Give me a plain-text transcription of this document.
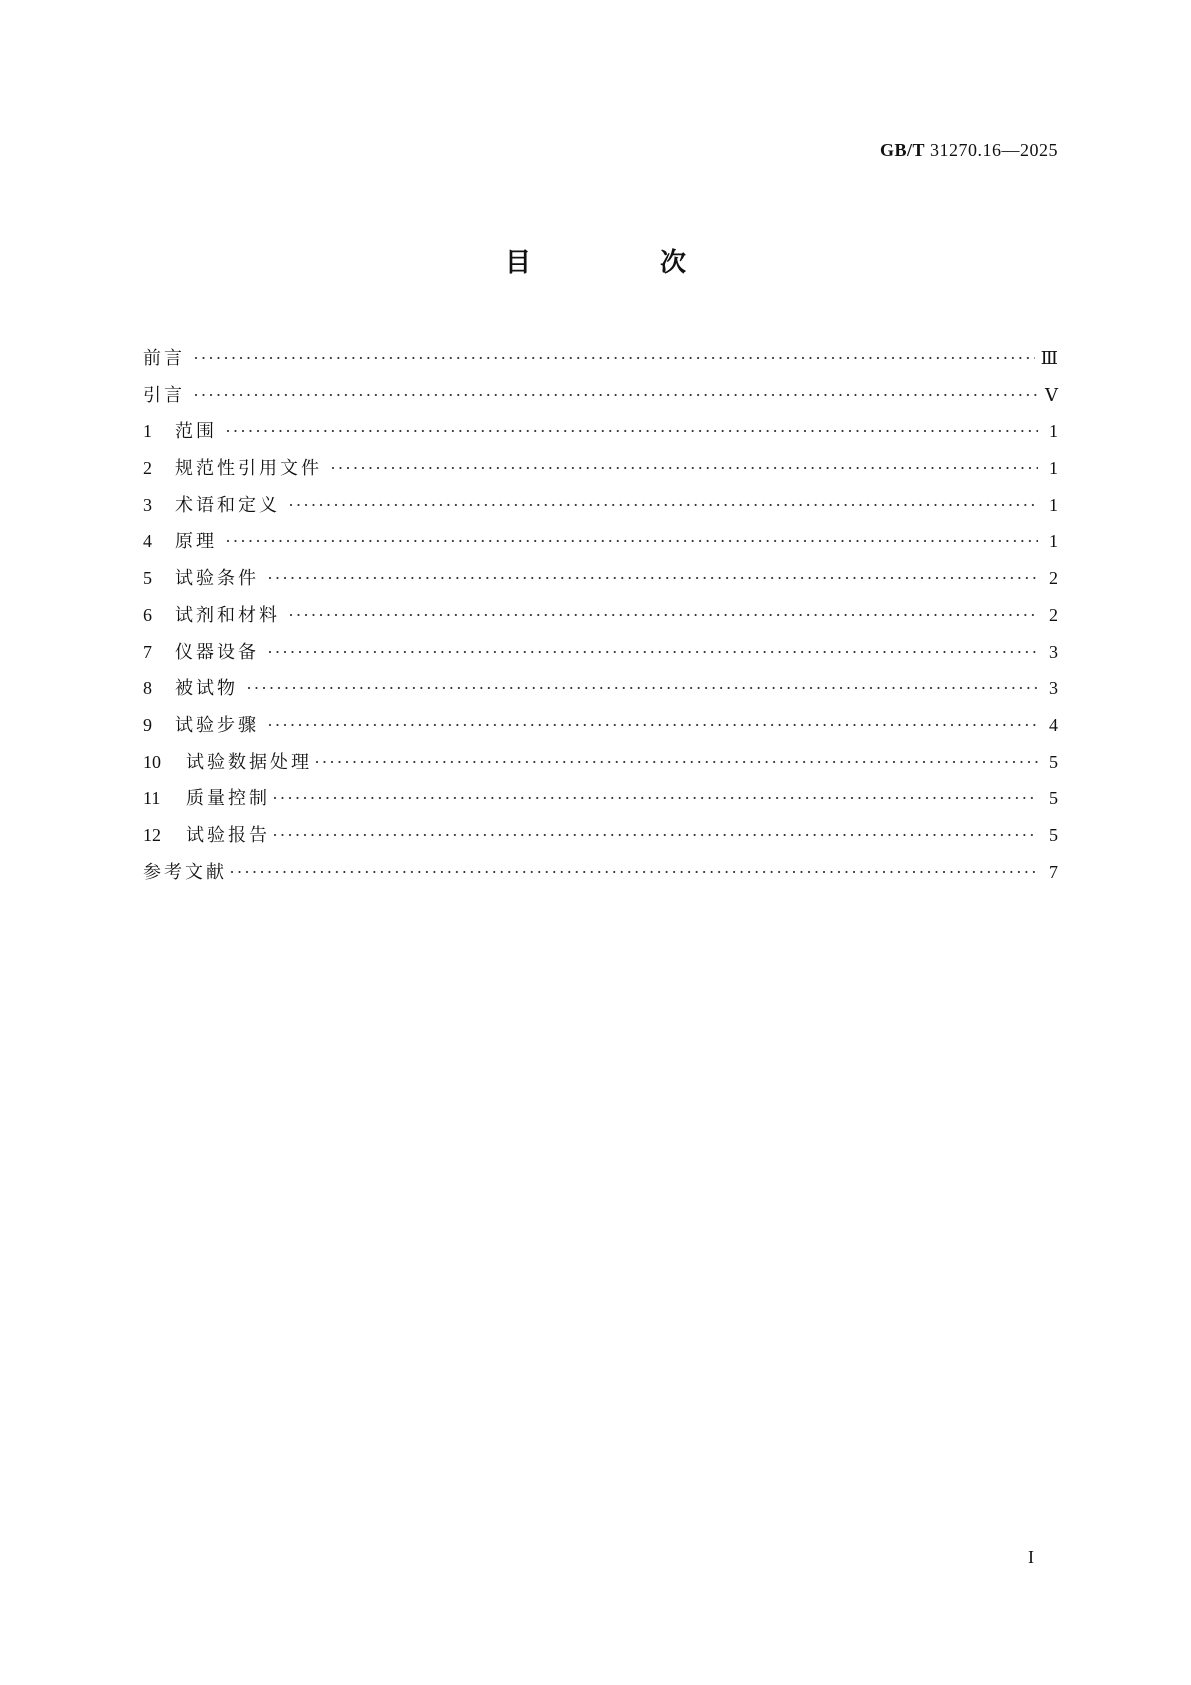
GB/T 31270.16—2025
目 次
前言 ·····	Ⅲ
引言 ·····	Ⅴ
1	范围 ·····	1
2	规范性引用文件 ·····	1
3	术语和定义 ·····	1
4	原理 ·····	1
5	试验条件 ·····	2
6	试剂和材料 ·····	2
7	仪器设备 ·····	3
8	被试物 ·····	3
9	试验步骤 ·····	4
10	试验数据处理 ·····	5
11	质量控制 ·····	5
12	试验报告 ·····	5
参考文献 ·····	7
I
